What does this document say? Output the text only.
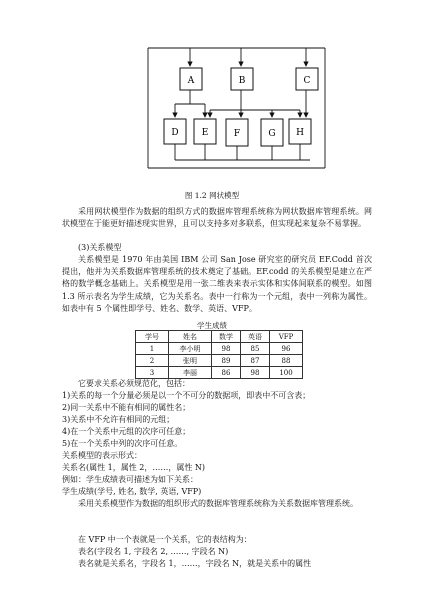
A	B	C
D	E	F	G H
图 1.2 网状模型

采用网状模型作为数据的组织方式的数据库管理系统称为网状数据库管理系统。网状模型在于能更好描述现实世界，且可以支持多对多联系，但实现起来复杂不易掌握。

(3)关系模型

关系模型是 1970 年由美国 IBM 公司 San Jose 研究室的研究员 EF.Codd 首次提出，他并为关系数据库管理系统的技术奠定了基础。EF.codd 的关系模型是建立在严格的数学概念基础上。关系模型是用一张二维表来表示实体和实体间联系的模型。如图 1.3 所示表名为学生成绩，它为关系名。表中一行称为一个元组，表中一列称为属性。如表中有 5 个属性即学号、姓名、数学、英语、VFP。

学生成绩
学号	姓名	数学	英语	VFP
1	李小明	98	85	96
2	张明	89	87	88
3	李丽	86	98	100
它要求关系必须规范化，包括：
1)关系的每一个分量必须是以一个不可分的数据项，即表中不可含表；
2)同一关系中不能有相同的属性名；
3)关系中不允许有相同的元组；
4)在一个关系中元组的次序可任意；
5)在一个关系中列的次序可任意。
关系模型的表示形式：
关系名(属性 1，属性 2，……，属性 N)
例如：学生成绩表可描述为如下关系：
学生成绩(学号, 姓名, 数学, 英语, VFP)

采用关系模型作为数据的组织形式的数据库管理系统称为关系数据库管理系统。

在 VFP 中一个表就是一个关系，它的表结构为：
表名(字段名 1, 字段名 2, ……, 字段名 N)
表名就是关系名，字段名 1，……，字段名 N，就是关系中的属性
